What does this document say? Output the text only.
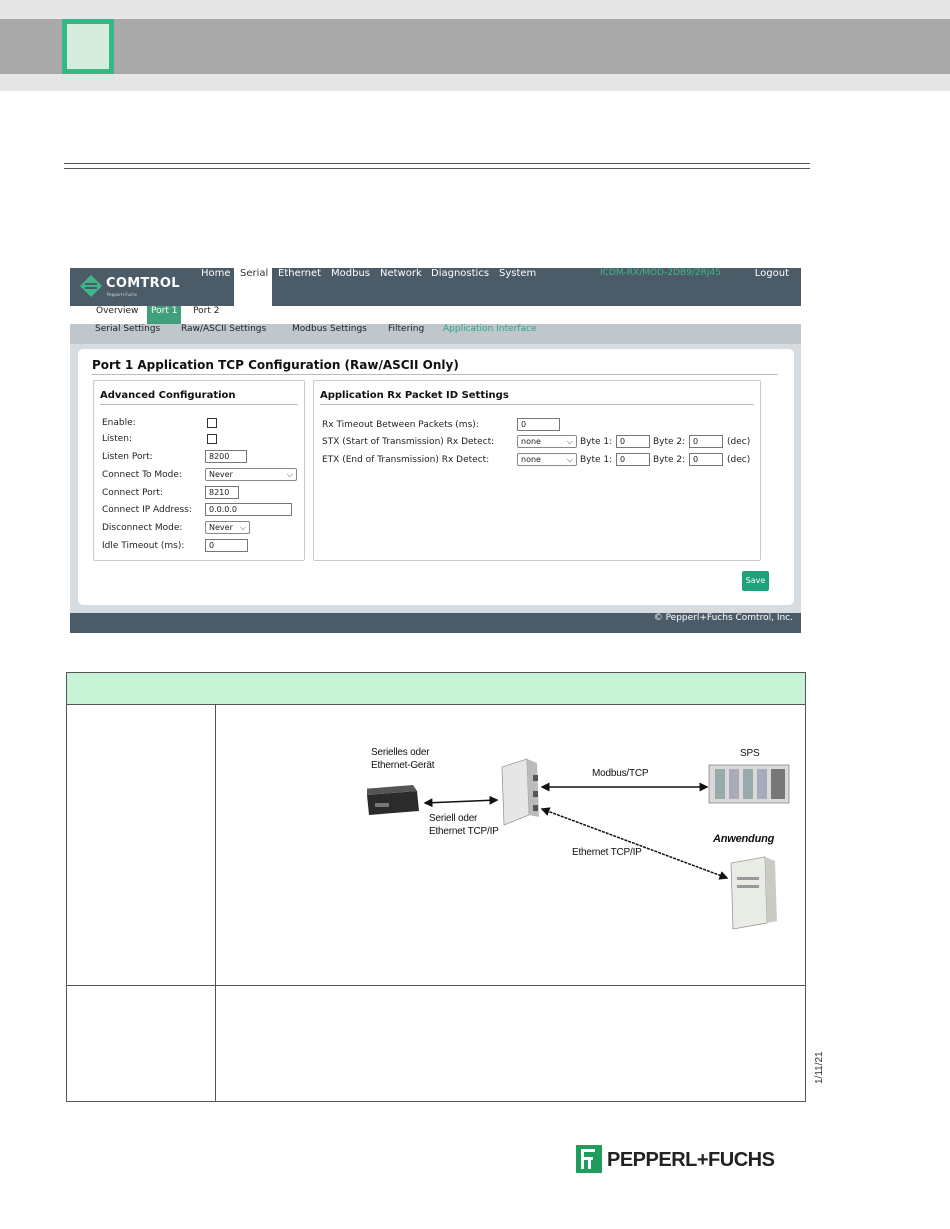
COMTROL
Pepperl+Fuchs
Home Serial Ethernet Modbus	Network Diagnostics System	ICDM-RX/MOD-2DB9/2RJ45	Logout
Overview	Port 1	Port 2
Serial Settings Raw/ASCII Settings	Modbus Settings Filtering Application Interface
Port 1 Application TCP Configuration (Raw/ASCII Only)
Advanced Configuration
Enable:
Listen:
Listen Port:	8200
Connect To Mode:	Never	⌵
Connect Port:	8210
Connect IP Address:	0.0.0.0
Disconnect Mode:	Never ⌵
Idle Timeout (ms):	0
Application Rx Packet ID Settings
Rx Timeout Between Packets (ms):	0
STX (Start of Transmission) Rx Detect:	none	⌵ Byte 1: 0	Byte 2: 0	(dec)
ETX (End of Transmission) Rx Detect:	none	⌵ Byte 1: 0	Byte 2: 0	(dec)
Save
© Pepperl+Fuchs Comtrol, Inc.
Serielles oder
Ethernet-Gerät
Seriell oder
Ethernet TCP/IP
Modbus/TCP
SPS
Anwendung
Ethernet TCP/IP
1/11/21
PEPPERL+FUCHS
